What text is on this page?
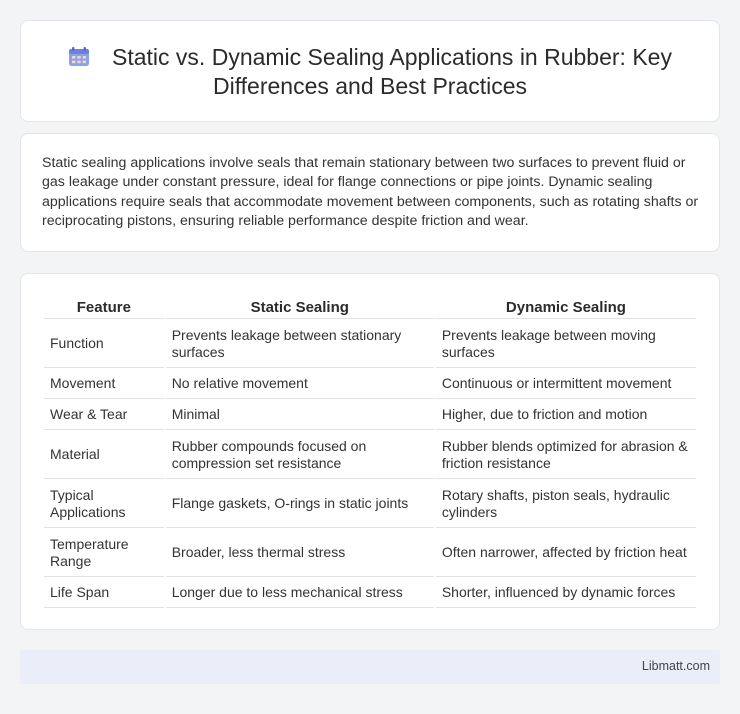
Static vs. Dynamic Sealing Applications in Rubber: Key Differences and Best Practices

Static sealing applications involve seals that remain stationary between two surfaces to prevent fluid or gas leakage under constant pressure, ideal for flange connections or pipe joints. Dynamic sealing applications require seals that accommodate movement between components, such as rotating shafts or reciprocating pistons, ensuring reliable performance despite friction and wear.

Feature	Static Sealing	Dynamic Sealing
Function	Prevents leakage between stationary surfaces	Prevents leakage between moving surfaces
Movement	No relative movement	Continuous or intermittent movement
Wear & Tear	Minimal	Higher, due to friction and motion
Material	Rubber compounds focused on compression set resistance	Rubber blends optimized for abrasion & friction resistance
Typical Applications	Flange gaskets, O-rings in static joints	Rotary shafts, piston seals, hydraulic cylinders
Temperature Range	Broader, less thermal stress	Often narrower, affected by friction heat
Life Span	Longer due to less mechanical stress	Shorter, influenced by dynamic forces
Libmatt.com
